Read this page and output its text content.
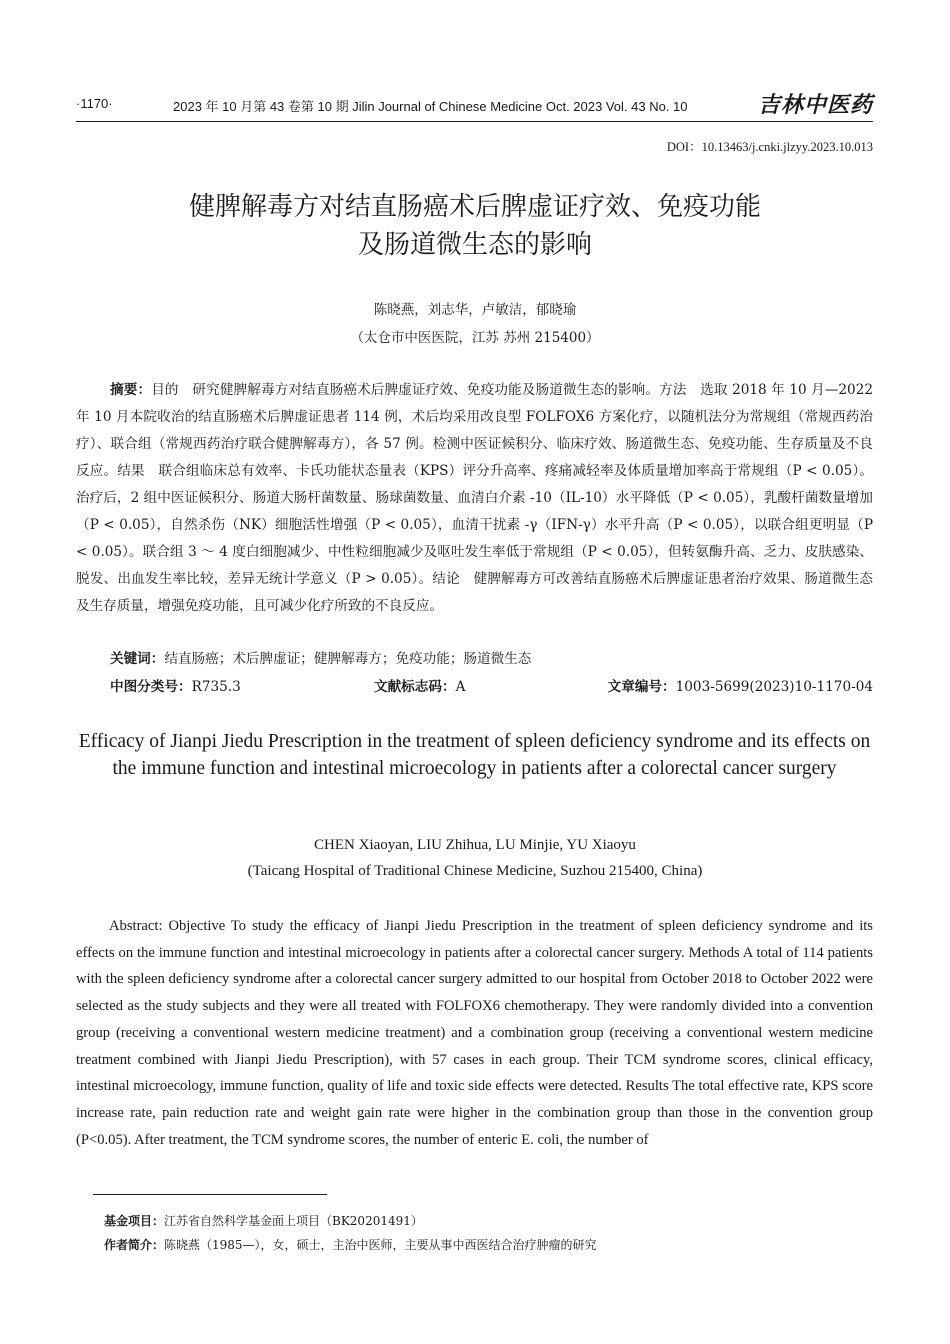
·1170·	2023 年 10 月第 43 卷第 10 期 Jilin Journal of Chinese Medicine Oct. 2023 Vol. 43 No. 10	吉林中医药
DOI：10.13463/j.cnki.jlzyy.2023.10.013
健脾解毒方对结直肠癌术后脾虚证疗效、免疫功能
及肠道微生态的影响
陈晓燕，刘志华，卢敏洁，郁晓瑜
（太仓市中医医院，江苏 苏州 215400）

摘要：目的　研究健脾解毒方对结直肠癌术后脾虚证疗效、免疫功能及肠道微生态的影响。方法　选取 2018 年 10 月—2022 年 10 月本院收治的结直肠癌术后脾虚证患者 114 例，术后均采用改良型 FOLFOX6 方案化疗，以随机法分为常规组（常规西药治疗）、联合组（常规西药治疗联合健脾解毒方），各 57 例。检测中医证候积分、临床疗效、肠道微生态、免疫功能、生存质量及不良反应。结果　联合组临床总有效率、卡氏功能状态量表（KPS）评分升高率、疼痛减轻率及体质量增加率高于常规组（P < 0.05）。治疗后，2 组中医证候积分、肠道大肠杆菌数量、肠球菌数量、血清白介素 -10（IL-10）水平降低（P < 0.05），乳酸杆菌数量增加（P < 0.05），自然杀伤（NK）细胞活性增强（P < 0.05），血清干扰素 -γ（IFN-γ）水平升高（P < 0.05），以联合组更明显（P < 0.05）。联合组 3 ～ 4 度白细胞减少、中性粒细胞减少及呕吐发生率低于常规组（P < 0.05），但转氨酶升高、乏力、皮肤感染、脱发、出血发生率比较，差异无统计学意义（P > 0.05）。结论　健脾解毒方可改善结直肠癌术后脾虚证患者治疗效果、肠道微生态及生存质量，增强免疫功能，且可减少化疗所致的不良反应。

关键词：结直肠癌；术后脾虚证；健脾解毒方；免疫功能；肠道微生态
中图分类号：R735.3	文献标志码：A	文章编号：1003-5699(2023)10-1170-04
Efficacy of Jianpi Jiedu Prescription in the treatment of spleen deficiency syndrome and its effects on the immune function and intestinal microecology in patients after a colorectal cancer surgery
CHEN Xiaoyan, LIU Zhihua, LU Minjie, YU Xiaoyu
(Taicang Hospital of Traditional Chinese Medicine, Suzhou 215400, China)

Abstract: Objective To study the efficacy of Jianpi Jiedu Prescription in the treatment of spleen deficiency syndrome and its effects on the immune function and intestinal microecology in patients after a colorectal cancer surgery. Methods A total of 114 patients with the spleen deficiency syndrome after a colorectal cancer surgery admitted to our hospital from October 2018 to October 2022 were selected as the study subjects and they were all treated with FOLFOX6 chemotherapy. They were randomly divided into a convention group (receiving a conventional western medicine treatment) and a combination group (receiving a conventional western medicine treatment combined with Jianpi Jiedu Prescription), with 57 cases in each group. Their TCM syndrome scores, clinical efficacy, intestinal microecology, immune function, quality of life and toxic side effects were detected. Results The total effective rate, KPS score increase rate, pain reduction rate and weight gain rate were higher in the combination group than those in the convention group (P<0.05). After treatment, the TCM syndrome scores, the number of enteric E. coli, the number of

基金项目：江苏省自然科学基金面上项目（BK20201491）
作者简介：陈晓燕（1985—），女，硕士，主治中医师，主要从事中西医结合治疗肿瘤的研究
